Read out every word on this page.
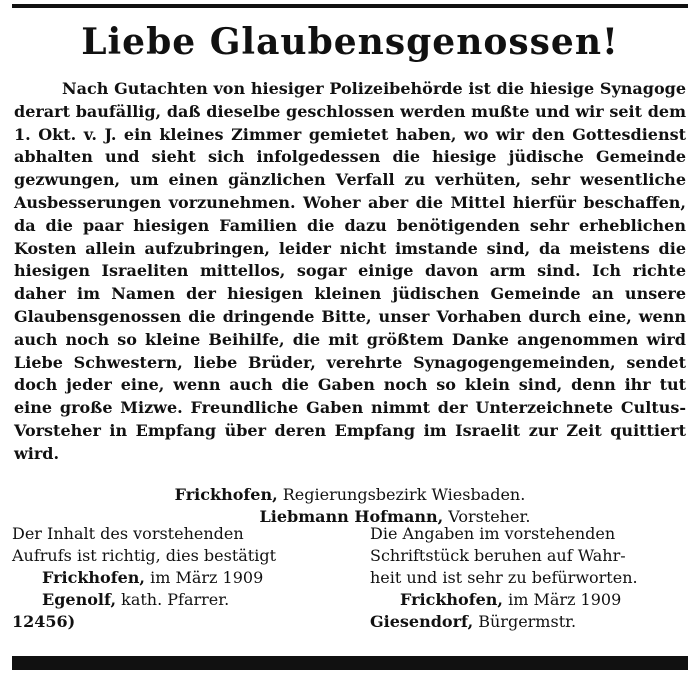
Liebe Glaubensgenossen!
Nach Gutachten von hiesiger Polizeibehörde ist die hiesige Synagoge derart baufällig, daß dieselbe geschlossen werden mußte und wir seit dem 1. Okt. v. J. ein kleines Zimmer gemietet haben, wo wir den Gottesdienst abhalten und sieht sich infolgedessen die hiesige jüdische Gemeinde gezwungen, um einen gänzlichen Verfall zu verhüten, sehr wesentliche Ausbesserungen vorzunehmen. Woher aber die Mittel hierfür beschaffen, da die paar hiesigen Familien die dazu benötigenden sehr erheblichen Kosten allein aufzubringen, leider nicht imstande sind, da meistens die hiesigen Israeliten mittellos, sogar einige davon arm sind. Ich richte daher im Namen der hiesigen kleinen jüdischen Gemeinde an unsere Glaubensgenossen die dringende Bitte, unser Vorhaben durch eine, wenn auch noch so kleine Beihilfe, die mit größtem Danke angenommen wird Liebe Schwestern, liebe Brüder, verehrte Synagogengemeinden, sendet doch jeder eine, wenn auch die Gaben noch so klein sind, denn ihr tut eine große Mizwe. Freundliche Gaben nimmt der Unterzeichnete Cultus-Vorsteher in Empfang über deren Empfang im Israelit zur Zeit quittiert wird.
Frickhofen, Regierungsbezirk Wiesbaden.
Liebmann Hofmann, Vorsteher.

Der Inhalt des vorstehenden

Aufrufs ist richtig, dies bestätigt

Frickhofen, im März 1909

Egenolf, kath. Pfarrer.

Die Angaben im vorstehenden

Schriftstück beruhen auf Wahr-

heit und ist sehr zu befürworten.

Frickhofen, im März 1909

Giesendorf, Bürgermstr.

12456)
